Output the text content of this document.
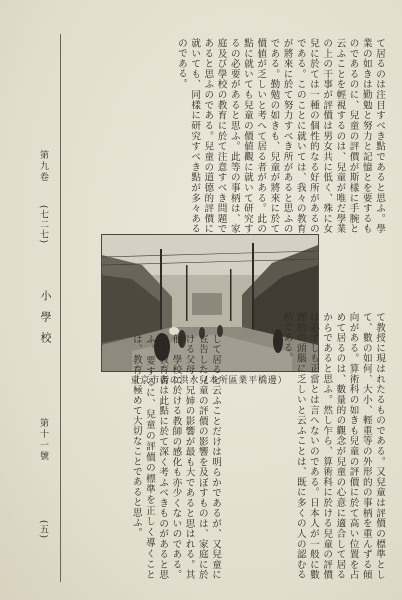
第九卷
(七二七)
小學校
第十一號
(五)
て居るのは注目すべき點であると思ふ。學業の如きは勤勉と努力と記憶とを要するものであるのに、兒童の評價が斯樣に手腕と云ふことを輕視するのは、兒童が唯だ學業の上の干事が評價は男女共に低く、殊に女兒に於ては一種の個性的なる好所があるのである。このことに就いては、我々の教育が將來に於て努力すべき所があると思ふのである。勤勉の如きも、兒童が將來に於て價値が乏しいと考へて居る者がある。此の點に就いても兒童の價値觀に就いて研究するの必要があると思ふ。此等の事柄は、家庭及び學校の教育に於て注意すべき問題であると思ふのである。兒童の道德的評價に就いても、同樣に研究すべき點が多々あるのである。
東京市街の洪水（本所區業平橋邊）
して居ると云ふことだけは明らかであるが、又兒童に宣告した兒童の評價の影響を及ぼすものは、家庭に於ける父母、兄姉の影響が最も大であると思はれる。其他、學校に於ける教師の感化も亦少くないのである。我々教育者は此點に於て深く考ふべきものがあると思ふ。要するに、兒童の評價の標準を正しく導くことは、教育上極めて大切なことであると思ふ。	て教授に現はれたるものである。又兒童は評價の標準として、數の如何、大小、輕重等の外形的の事柄を重んずる傾向がある。算術科の如きも兒童の評價に於て高い位置を占めて居るのは、數量的の觀念が兒童の心意に適合して居るからであると思ふ。然し乍ら、算術科に於ける兒童の評價は必ずしも正當とは言へないのである。日本人が一般に數理的の頭腦に乏しいと云ふことは、既に多くの人の認むる所である。
